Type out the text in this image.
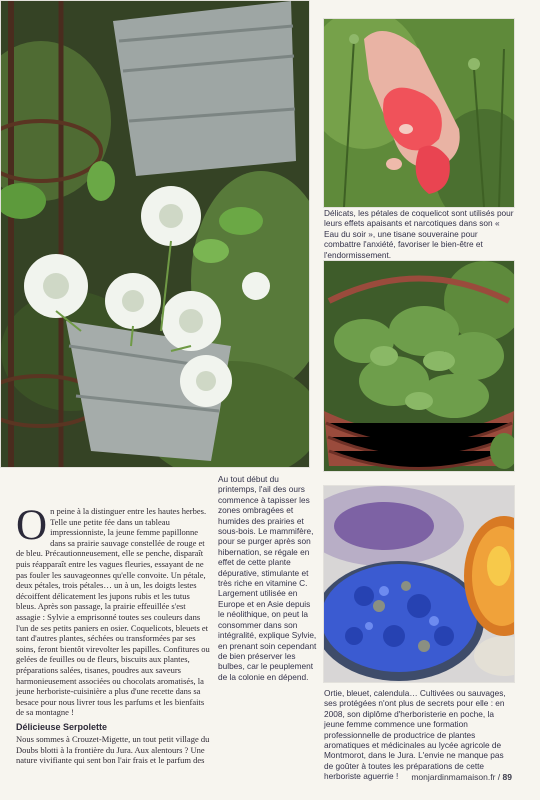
Délicats, les pétales de coquelicot sont utilisés pour leurs effets apaisants et narcotiques dans son « Eau du soir », une tisane souveraine pour combattre l'anxiété, favoriser le bien-être et l'endormissement.
Ortie, bleuet, calendula… Cultivées ou sauvages, ses protégées n'ont plus de secrets pour elle : en 2008, son diplôme d'herboristerie en poche, la jeune femme commence une formation professionnelle de productrice de plantes aromatiques et médicinales au lycée agricole de Montmorot, dans le Jura. L'envie ne manque pas de goûter à toutes les préparations de cette herboriste aguerrie !
On peine à la distinguer entre les hautes herbes. Telle une petite fée dans un tableau impressionniste, la jeune femme papillonne dans sa prairie sauvage constellée de rouge et de bleu. Précautionneusement, elle se penche, disparaît puis réapparaît entre les vagues fleuries, essayant de ne pas fouler les sauvageonnes qu'elle convoite. Un pétale, deux pétales, trois pétales… un à un, les doigts lestes décoiffent délicatement les jupons rubis et les tutus bleus. Après son passage, la prairie effeuillée s'est assagie : Sylvie a emprisonné toutes ses couleurs dans l'un de ses petits paniers en osier. Coquelicots, bleuets et tant d'autres plantes, séchées ou transformées par ses soins, feront bientôt virevolter les papilles. Confitures ou gelées de feuilles ou de fleurs, biscuits aux plantes, préparations salées, tisanes, poudres aux saveurs harmonieusement associées ou chocolats aromatisés, la jeune herboriste-cuisinière a plus d'une recette dans sa besace pour nous livrer tous les parfums et les bienfaits de sa montagne !
Délicieuse Serpolette
Nous sommes à Crouzet-Migette, un tout petit village du Doubs blotti à la frontière du Jura. Aux alentours ? Une nature vivifiante qui sent bon l'air frais et le parfum des
Au tout début du printemps, l'ail des ours commence à tapisser les zones ombragées et humides des prairies et sous-bois. Le mammifère, pour se purger après son hibernation, se régale en effet de cette plante dépurative, stimulante et très riche en vitamine C. Largement utilisée en Europe et en Asie depuis le néolithique, on peut la consommer dans son intégralité, explique Sylvie, en prenant soin cependant de bien préserver les bulbes, car le peuplement de la colonie en dépend.
monjardinmamaison.fr / 89
